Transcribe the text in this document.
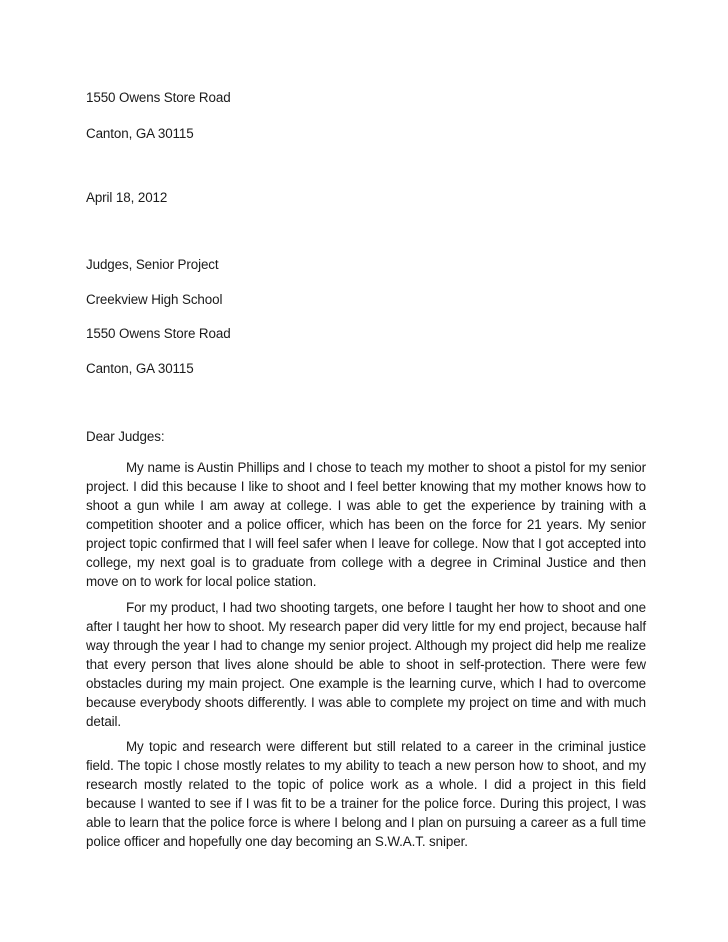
1550 Owens Store Road
Canton, GA 30115
April 18, 2012
Judges, Senior Project
Creekview High School
1550 Owens Store Road
Canton, GA 30115
Dear Judges:

My name is Austin Phillips and I chose to teach my mother to shoot a pistol for my senior project. I did this because I like to shoot and I feel better knowing that my mother knows how to shoot a gun while I am away at college. I was able to get the experience by training with a competition shooter and a police officer, which has been on the force for 21 years. My senior project topic confirmed that I will feel safer when I leave for college. Now that I got accepted into college, my next goal is to graduate from college with a degree in Criminal Justice and then move on to work for local police station.

For my product, I had two shooting targets, one before I taught her how to shoot and one after I taught her how to shoot. My research paper did very little for my end project, because half way through the year I had to change my senior project. Although my project did help me realize that every person that lives alone should be able to shoot in self-protection. There were few obstacles during my main project. One example is the learning curve, which I had to overcome because everybody shoots differently. I was able to complete my project on time and with much detail.

My topic and research were different but still related to a career in the criminal justice field. The topic I chose mostly relates to my ability to teach a new person how to shoot, and my research mostly related to the topic of police work as a whole. I did a project in this field because I wanted to see if I was fit to be a trainer for the police force. During this project, I was able to learn that the police force is where I belong and I plan on pursuing a career as a full time police officer and hopefully one day becoming an S.W.A.T. sniper.
